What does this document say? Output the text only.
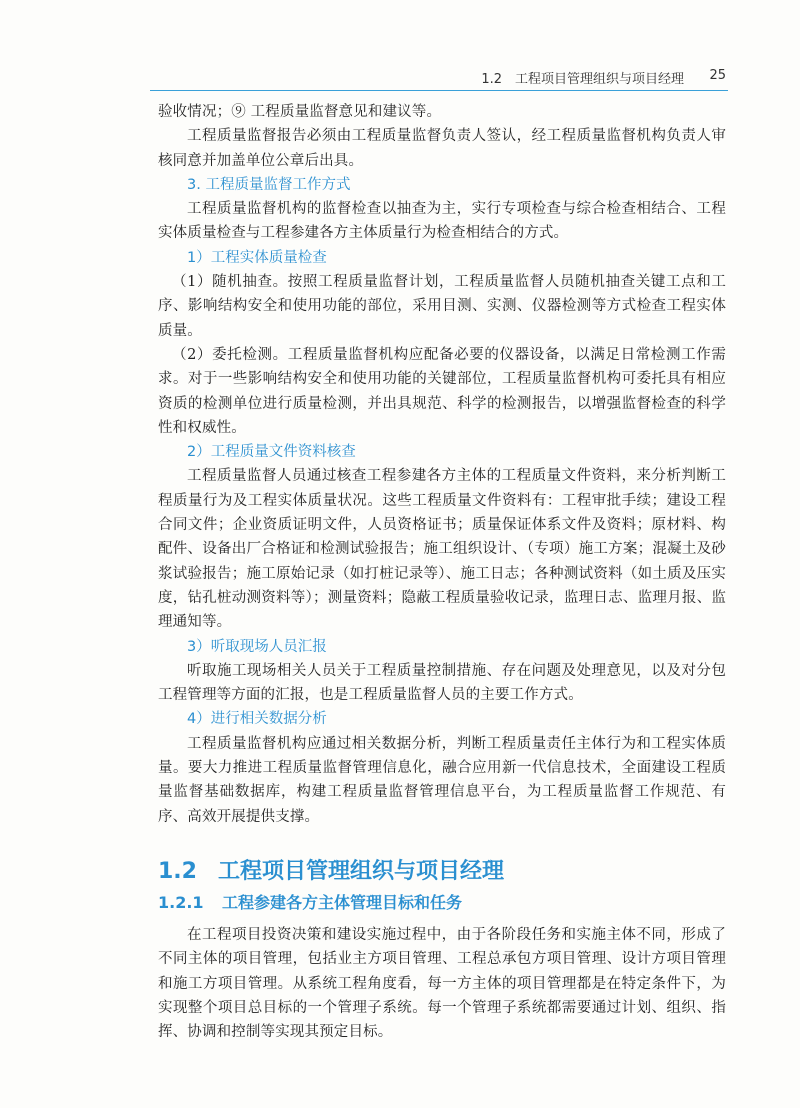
1.2　工程项目管理组织与项目经理 25

验收情况；⑨ 工程质量监督意见和建议等。

工程质量监督报告必须由工程质量监督负责人签认，经工程质量监督机构负责人审核同意并加盖单位公章后出具。

3. 工程质量监督工作方式

工程质量监督机构的监督检查以抽查为主，实行专项检查与综合检查相结合、工程实体质量检查与工程参建各方主体质量行为检查相结合的方式。

1）工程实体质量检查

（1）随机抽查。按照工程质量监督计划，工程质量监督人员随机抽查关键工点和工序、影响结构安全和使用功能的部位，采用目测、实测、仪器检测等方式检查工程实体质量。

（2）委托检测。工程质量监督机构应配备必要的仪器设备，以满足日常检测工作需求。对于一些影响结构安全和使用功能的关键部位，工程质量监督机构可委托具有相应资质的检测单位进行质量检测，并出具规范、科学的检测报告，以增强监督检查的科学性和权威性。

2）工程质量文件资料核查

工程质量监督人员通过核查工程参建各方主体的工程质量文件资料，来分析判断工程质量行为及工程实体质量状况。这些工程质量文件资料有：工程审批手续；建设工程合同文件；企业资质证明文件，人员资格证书；质量保证体系文件及资料；原材料、构配件、设备出厂合格证和检测试验报告；施工组织设计、（专项）施工方案；混凝土及砂浆试验报告；施工原始记录（如打桩记录等）、施工日志；各种测试资料（如土质及压实度，钻孔桩动测资料等）；测量资料；隐蔽工程质量验收记录，监理日志、监理月报、监理通知等。

3）听取现场人员汇报

听取施工现场相关人员关于工程质量控制措施、存在问题及处理意见，以及对分包工程管理等方面的汇报，也是工程质量监督人员的主要工作方式。

4）进行相关数据分析

工程质量监督机构应通过相关数据分析，判断工程质量责任主体行为和工程实体质量。要大力推进工程质量监督管理信息化，融合应用新一代信息技术，全面建设工程质量监督基础数据库，构建工程质量监督管理信息平台，为工程质量监督工作规范、有序、高效开展提供支撑。

1.2 工程项目管理组织与项目经理

1.2.1 工程参建各方主体管理目标和任务

在工程项目投资决策和建设实施过程中，由于各阶段任务和实施主体不同，形成了不同主体的项目管理，包括业主方项目管理、工程总承包方项目管理、设计方项目管理和施工方项目管理。从系统工程角度看，每一方主体的项目管理都是在特定条件下，为实现整个项目总目标的一个管理子系统。每一个管理子系统都需要通过计划、组织、指挥、协调和控制等实现其预定目标。
